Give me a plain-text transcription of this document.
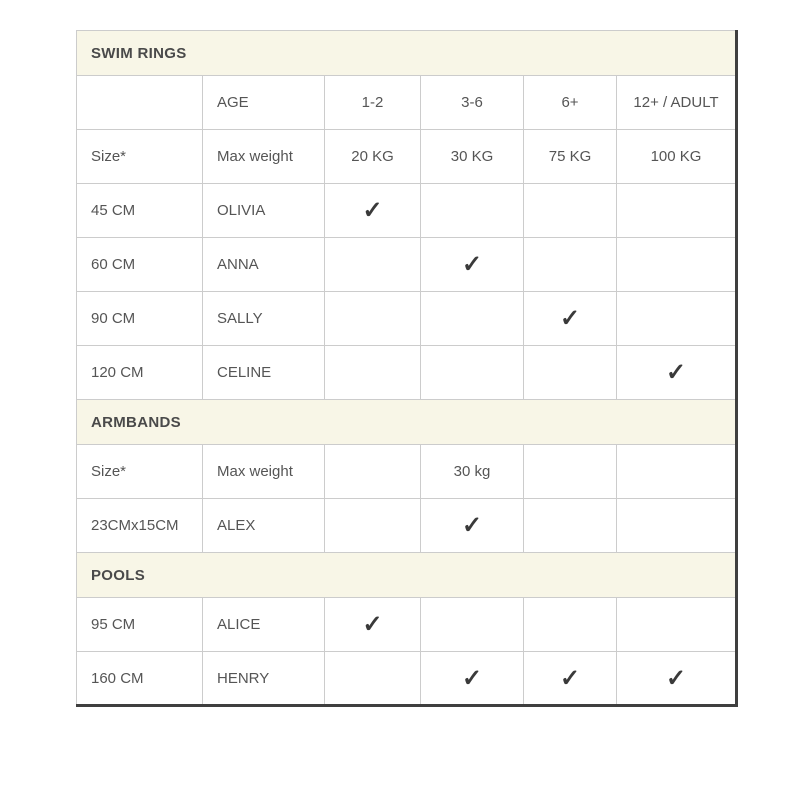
SWIM RINGS					
	AGE	1-2	3-6	6+	12+ / ADULT
Size*	Max weight	20 KG	30 KG	75 KG	100 KG
45 CM	OLIVIA	✓			
60 CM	ANNA		✓		
90 CM	SALLY			✓	
120 CM	CELINE				✓
ARMBANDS					
Size*	Max weight		30 kg		
23CMx15CM	ALEX		✓		
POOLS					
95 CM	ALICE	✓			
160 CM	HENRY		✓	✓	✓
